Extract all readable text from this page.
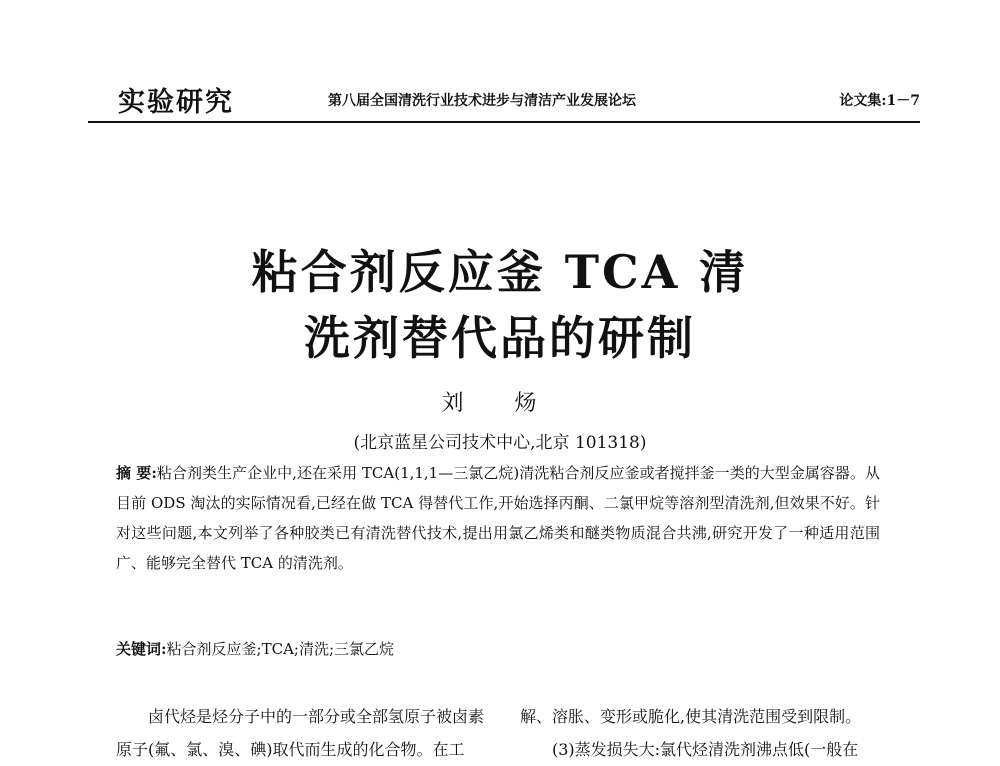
实验研究	第八届全国清洗行业技术进步与清洁产业发展论坛	论文集:1－7
粘合剂反应釜 TCA 清
洗剂替代品的研制
刘 炀
(北京蓝星公司技术中心,北京 101318)
摘 要:粘合剂类生产企业中,还在采用 TCA(1,1,1—三氯乙烷)清洗粘合剂反应釜或者搅拌釜一类的大型金属容器。从目前 ODS 淘汰的实际情况看,已经在做 TCA 得替代工作,开始选择丙酮、二氯甲烷等溶剂型清洗剂,但效果不好。针对这些问题,本文列举了各种胶类已有清洗替代技术,提出用氯乙烯类和醚类物质混合共沸,研究开发了一种适用范围广、能够完全替代 TCA 的清洗剂。
关键词:粘合剂反应釜;TCA;清洗;三氯乙烷
卤代烃是烃分子中的一部分或全部氢原子被卤素原子(氟、氯、溴、碘)取代而生成的化合物。在工
解、溶胀、变形或脆化,使其清洗范围受到限制。
(3)蒸发损失大:氯代烃清洗剂沸点低(一般在
